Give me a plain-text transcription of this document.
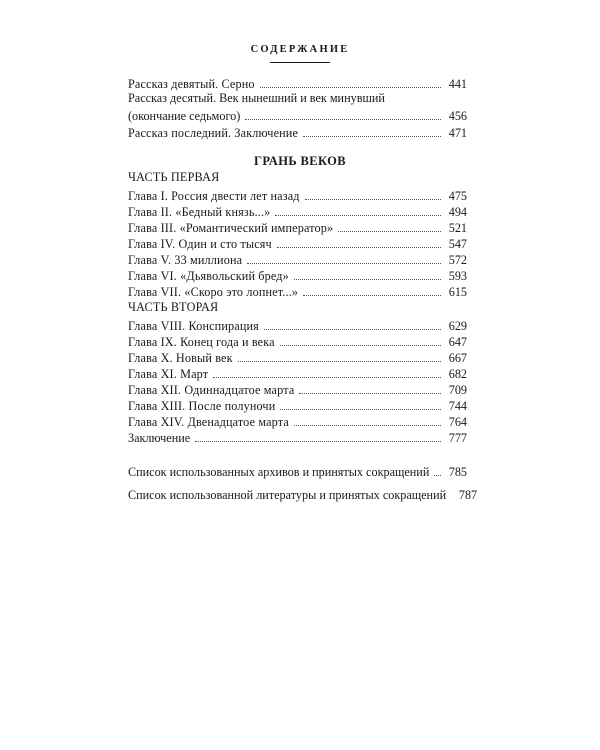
СОДЕРЖАНИЕ
Рассказ девятый. Серно	441
Рассказ десятый. Век нынешний и век минувший
(окончание седьмого)	456
Рассказ последний. Заключение	471
ГРАНЬ ВЕКОВ
ЧАСТЬ ПЕРВАЯ
Глава I. Россия двести лет назад	475
Глава II. «Бедный князь...»	494
Глава III. «Романтический император»	521
Глава IV. Один и сто тысяч	547
Глава V. 33 миллиона	572
Глава VI. «Дьявольский бред»	593
Глава VII. «Скоро это лопнет...»	615
ЧАСТЬ ВТОРАЯ
Глава VIII. Конспирация	629
Глава IX. Конец года и века	647
Глава X. Новый век	667
Глава XI. Март	682
Глава XII. Одиннадцатое марта	709
Глава XIII. После полуночи	744
Глава XIV. Двенадцатое марта	764
Заключение	777
Список использованных архивов и принятых сокращений	785
Список использованной литературы и принятых сокращений	787
